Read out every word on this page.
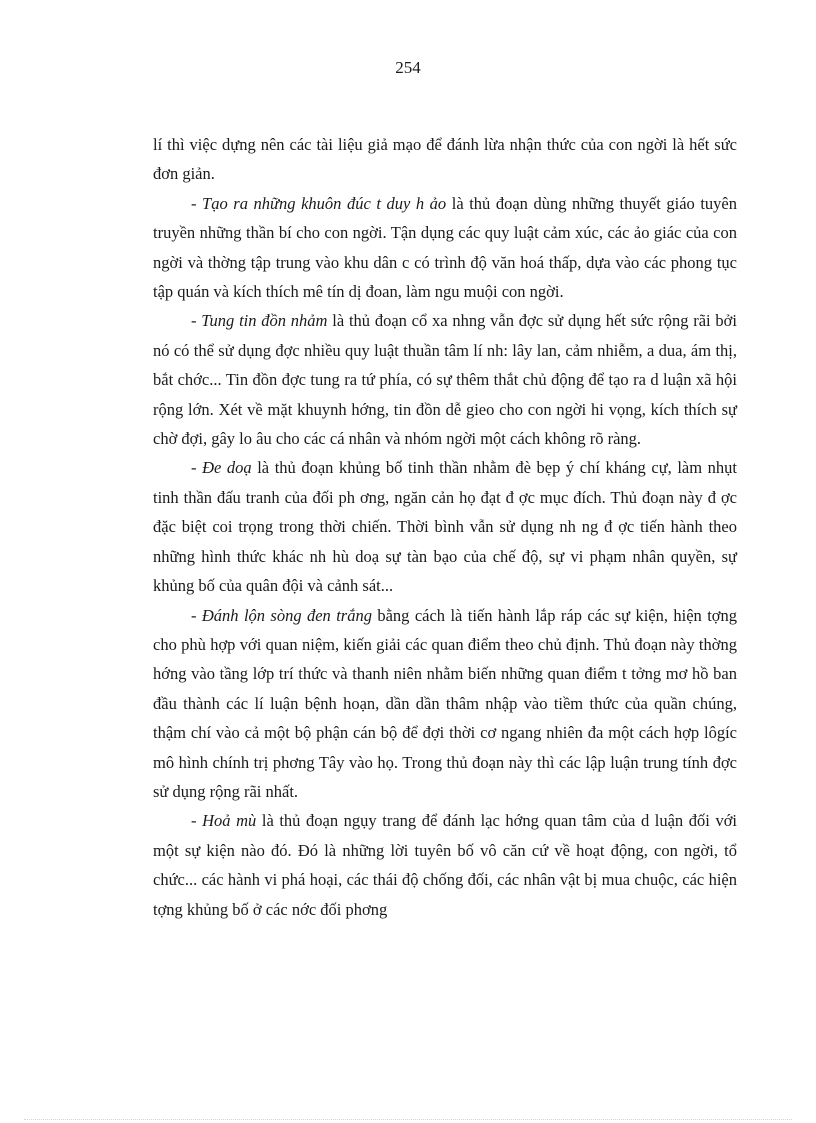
254

lí thì việc dựng nên các tài liệu giả mạo để đánh lừa nhận thức của con ngời là hết sức đơn giản.

- Tạo ra những khuôn đúc t duy h ảo là thủ đoạn dùng những thuyết giáo tuyên truyền những thần bí cho con ngời. Tận dụng các quy luật cảm xúc, các ảo giác của con ngời và thờng tập trung vào khu dân c có trình độ văn hoá thấp, dựa vào các phong tục tập quán và kích thích mê tín dị đoan, làm ngu muội con ngời.

- Tung tin đồn nhảm là thủ đoạn cổ xa nhng vẫn đợc sử dụng hết sức rộng rãi bởi nó có thể sử dụng đợc nhiều quy luật thuần tâm lí nh: lây lan, cảm nhiễm, a dua, ám thị, bắt chớc... Tin đồn đợc tung ra tứ phía, có sự thêm thắt chủ động để tạo ra d luận xã hội rộng lớn. Xét về mặt khuynh hớng, tin đồn dễ gieo cho con ngời hi vọng, kích thích sự chờ đợi, gây lo âu cho các cá nhân và nhóm ngời một cách không rõ ràng.

- Đe doạ là thủ đoạn khủng bố tinh thần nhằm đè bẹp ý chí kháng cự, làm nhụt tinh thần đấu tranh của đối ph ơng, ngăn cản họ đạt đ ợc mục đích. Thủ đoạn này đ ợc đặc biệt coi trọng trong thời chiến. Thời bình vẫn sử dụng nh ng đ ợc tiến hành theo những hình thức khác nh hù doạ sự tàn bạo của chế độ, sự vi phạm nhân quyền, sự khủng bố của quân đội và cảnh sát...

- Đánh lộn sòng đen trắng bằng cách là tiến hành lắp ráp các sự kiện, hiện tợng cho phù hợp với quan niệm, kiến giải các quan điểm theo chủ định. Thủ đoạn này thờng hớng vào tầng lớp trí thức và thanh niên nhằm biến những quan điểm t tởng mơ hồ ban đầu thành các lí luận bệnh hoạn, dần dần thâm nhập vào tiềm thức của quần chúng, thậm chí vào cả một bộ phận cán bộ để đợi thời cơ ngang nhiên đa một cách hợp lôgíc mô hình chính trị phơng Tây vào họ. Trong thủ đoạn này thì các lập luận trung tính đợc sử dụng rộng rãi nhất.

- Hoả mù là thủ đoạn ngụy trang để đánh lạc hớng quan tâm của d luận đối với một sự kiện nào đó. Đó là những lời tuyên bố vô căn cứ về hoạt động, con ngời, tổ chức... các hành vi phá hoại, các thái độ chống đối, các nhân vật bị mua chuộc, các hiện tợng khủng bố ở các nớc đối phơng
